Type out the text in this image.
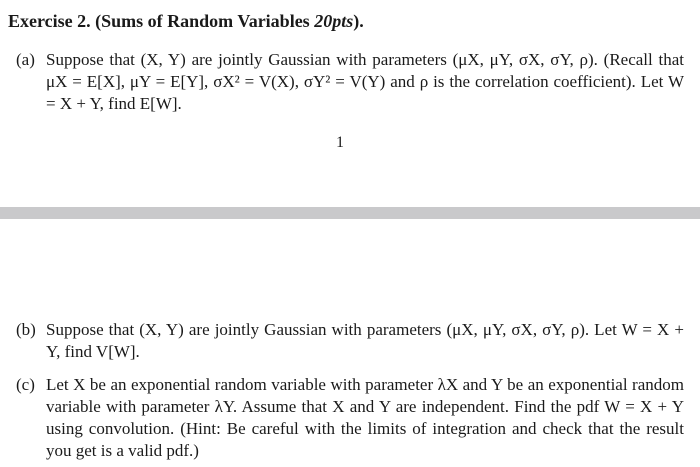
Exercise 2. (Sums of Random Variables 20pts).
(a) Suppose that (X, Y) are jointly Gaussian with parameters (μX, μY, σX, σY, ρ). (Recall that μX = E[X], μY = E[Y], σX² = V(X), σY² = V(Y) and ρ is the correlation coefficient). Let W = X + Y, find E[W].
1
(b) Suppose that (X, Y) are jointly Gaussian with parameters (μX, μY, σX, σY, ρ). Let W = X + Y, find V[W].
(c) Let X be an exponential random variable with parameter λX and Y be an exponential random variable with parameter λY. Assume that X and Y are independent. Find the pdf W = X + Y using convolution. (Hint: Be careful with the limits of integration and check that the result you get is a valid pdf.)
